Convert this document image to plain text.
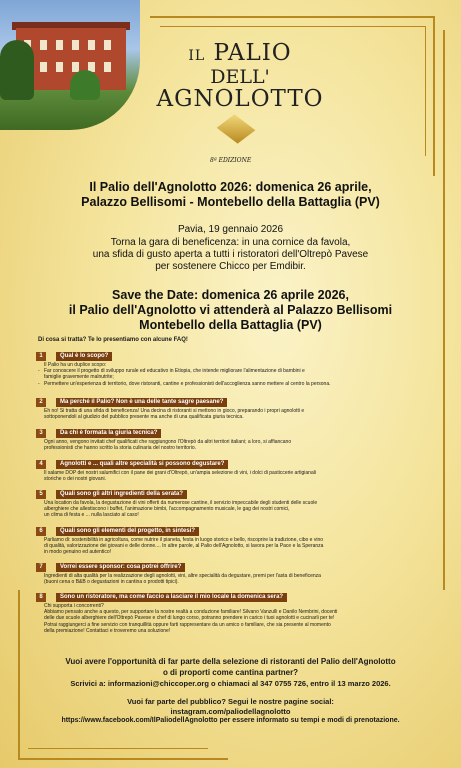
IL PALIO
DELL'
AGNOLOTTO
8ª EDIZIONE
Il Palio dell'Agnolotto 2026: domenica 26 aprile,
Palazzo Bellisomi - Montebello della Battaglia (PV)
Pavia, 19 gennaio 2026
Torna la gara di beneficenza: in una cornice da favola,
una sfida di gusto aperta a tutti i ristoratori dell'Oltrepò Pavese
per sostenere Chicco per Emdibir.
Save the Date: domenica 26 aprile 2026,
il Palio dell'Agnolotto vi attenderà al Palazzo Bellisomi
Montebello della Battaglia (PV)
Di cosa si tratta? Te lo presentiamo con alcune FAQ!
1	Qual è lo scopo?
Il Palio ha un duplice scopo:
- Far conoscere il progetto di sviluppo rurale ed educativo in Etiopia, che intende migliorare l'alimentazione di bambini e
famiglie gravemente malnutrite;
- Permettere un'esperienza di territorio, dove ristoranti, cantine e professionisti dell'accoglienza sanno mettere al centro la persona.
2	Ma perché il Palio? Non è una delle tante sagre paesane?
Eh no! Si tratta di una sfida di beneficenza! Una decina di ristoranti si mettono in gioco, preparando i propri agnolotti e
sottoponendoli al giudizio del pubblico presente ma anche di una qualificata giuria tecnica.
3	Da chi è formata la giuria tecnica?
Ogni anno, vengono invitati chef qualificati che raggiungono l'Oltrepò da altri territori italiani; a loro, si affiancano
professionisti che hanno scritto la storia culinaria del nostro territorio.
4	Agnolotti e ... quali altre specialità si possono degustare?
Il salame DOP dei nostri salumifici con il pane dei grani d'Oltrepò, un'ampia selezione di vini, i dolci di pasticcerie artigianali
storiche o dei nostri giovani.
5	Quali sono gli altri ingredienti della serata?
Una location da favola, la degustazione di vini offerti da numerose cantine, il servizio impeccabile degli studenti delle scuole
alberghiere che allestiscono i buffet, l'animazione bimbi, l'accompagnamento musicale, le gag dei nostri comici,
un clima di festa e ... nulla lasciato al caso!
6	Quali sono gli elementi del progetto, in sintesi?
Parliamo di: sostenibilità in agricoltura, come nutrire il pianeta, festa in luogo storico e bello, riscoprire la tradizione, cibo e vino
di qualità, valorizzazione dei giovani e delle donne.... In altre parole, al Palio dell'Agnolotto, si lavora per la Pace e la Speranza
in modo genuino ed autentico!
7	Vorrei essere sponsor: cosa potrei offrire?
Ingredienti di alta qualità per la realizzazione degli agnolotti, vini, altre specialità da degustare, premi per l'asta di beneficenza
(buoni cena o B&B o degustazioni in cantina o prodotti tipici).
8	Sono un ristoratore, ma come faccio a lasciare il mio locale la domenica sera?
Chi supporta i concorrenti?
Abbiamo pensato anche a questo, per supportare la nostre realtà a conduzione familiare! Silvano Vanzulli e Danilo Nembrini, docenti
delle due scuole alberghiere dell'Oltrepò Pavese e chef di lungo corso, potranno prendere in carico i tuoi agnolotti e cucinarli per te!
Potrai raggiungerci a fine servizio con tranquillità oppure farti rappresentare da un amico o familiare, che sia presente al momento
della premiazione! Contattaci e troveremo una soluzione!
Vuoi avere l'opportunità di far parte della selezione di ristoranti del Palio dell'Agnolotto
o di proporti come cantina partner?
Scrivici a: informazioni@chiccoper.org o chiamaci al 347 0755 726, entro il 13 marzo 2026.
Vuoi far parte del pubblico? Segui le nostre pagine social:
instagram.com/paliodellagnolotto
https://www.facebook.com/IlPaliodellAgnolotto per essere informato su tempi e modi di prenotazione.
